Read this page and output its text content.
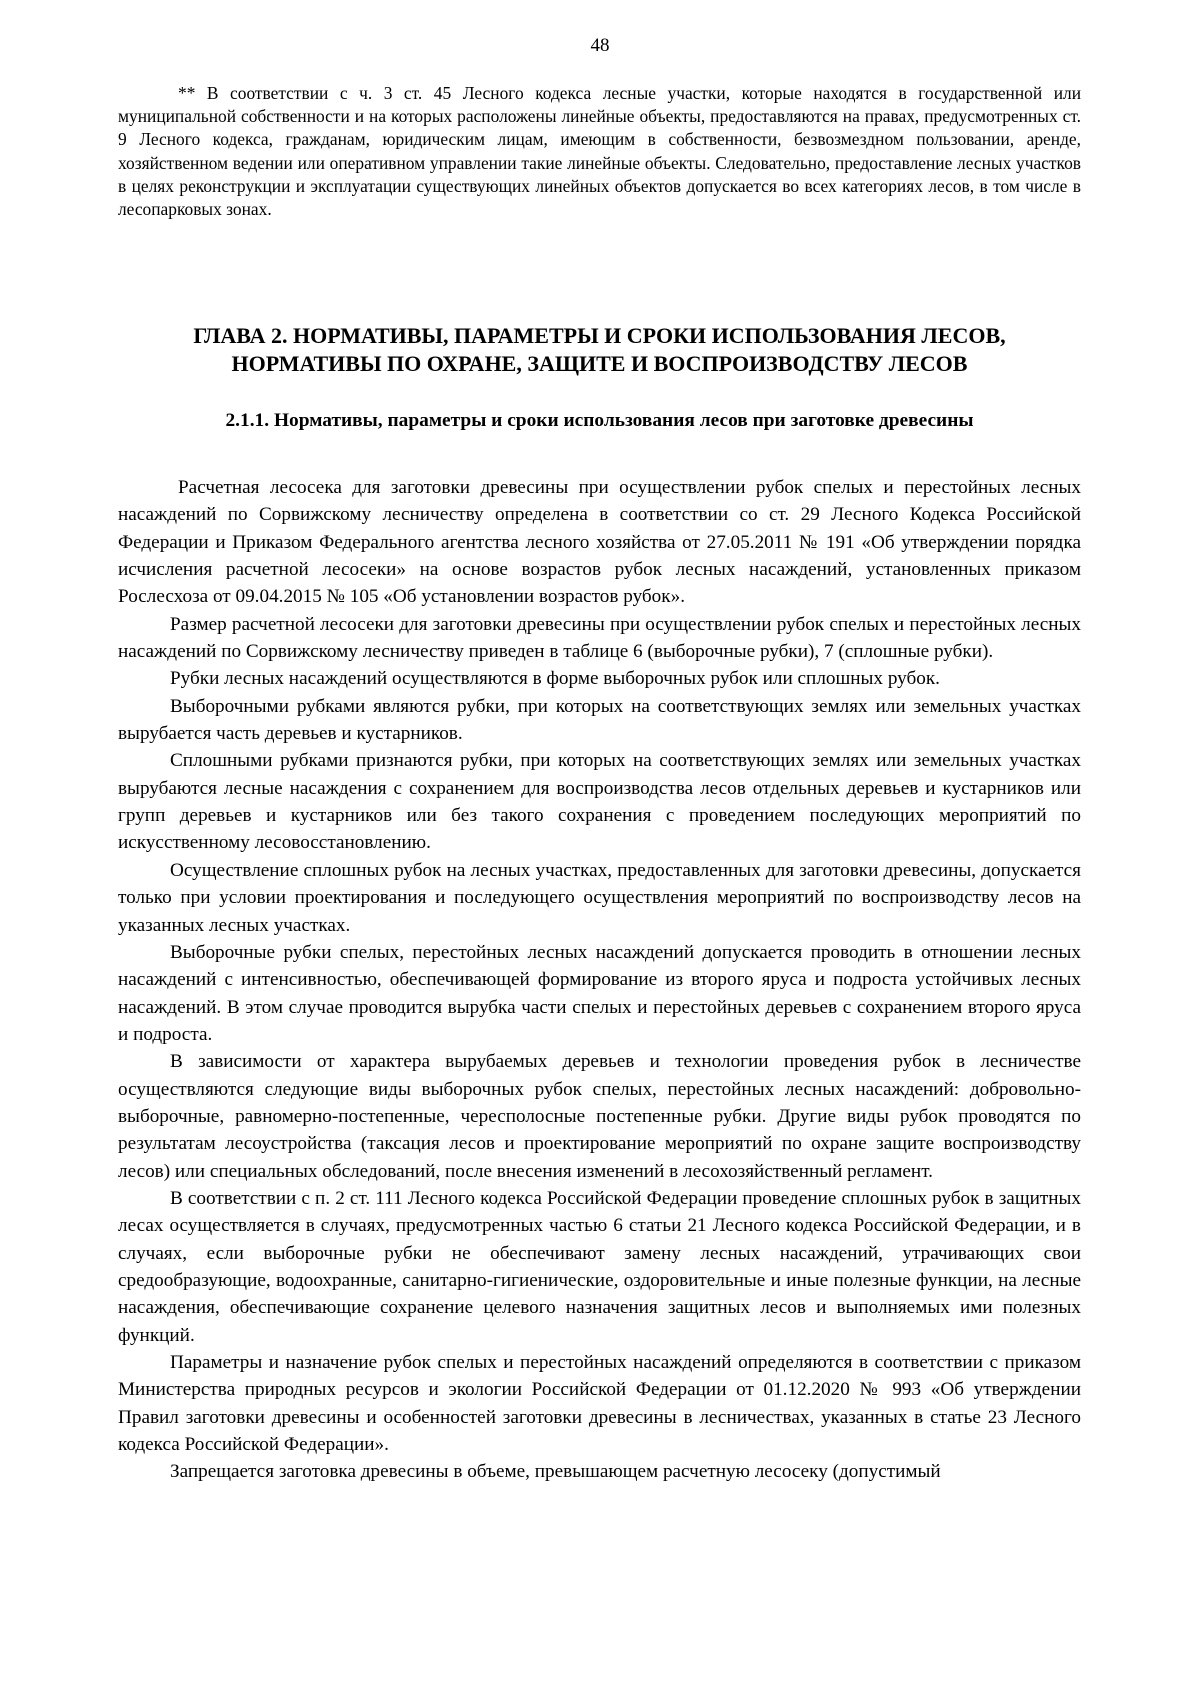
48

** В соответствии с ч. 3 ст. 45 Лесного кодекса лесные участки, которые находятся в государственной или муниципальной собственности и на которых расположены линейные объекты, предоставляются на правах, предусмотренных ст. 9 Лесного кодекса, гражданам, юридическим лицам, имеющим в собственности, безвозмездном пользовании, аренде, хозяйственном ведении или оперативном управлении такие линейные объекты. Следовательно, предоставление лесных участков в целях реконструкции и эксплуатации существующих линейных объектов допускается во всех категориях лесов, в том числе в лесопарковых зонах.

ГЛАВА 2. НОРМАТИВЫ, ПАРАМЕТРЫ И СРОКИ ИСПОЛЬЗОВАНИЯ ЛЕСОВ,
НОРМАТИВЫ ПО ОХРАНЕ, ЗАЩИТЕ И ВОСПРОИЗВОДСТВУ ЛЕСОВ
2.1.1. Нормативы, параметры и сроки использования лесов при заготовке древесины

Расчетная лесосека для заготовки древесины при осуществлении рубок спелых и перестойных лесных насаждений по Сорвижскому лесничеству определена в соответствии со ст. 29 Лесного Кодекса Российской Федерации и Приказом Федерального агентства лесного хозяйства от 27.05.2011 № 191 «Об утверждении порядка исчисления расчетной лесосеки» на основе возрастов рубок лесных насаждений, установленных приказом Рослесхоза от 09.04.2015 № 105 «Об установлении возрастов рубок».

Размер расчетной лесосеки для заготовки древесины при осуществлении рубок спелых и перестойных лесных насаждений по Сорвижскому лесничеству приведен в таблице 6 (выборочные рубки), 7 (сплошные рубки).

Рубки лесных насаждений осуществляются в форме выборочных рубок или сплошных рубок.

Выборочными рубками являются рубки, при которых на соответствующих землях или земельных участках вырубается часть деревьев и кустарников.

Сплошными рубками признаются рубки, при которых на соответствующих землях или земельных участках вырубаются лесные насаждения с сохранением для воспроизводства лесов отдельных деревьев и кустарников или групп деревьев и кустарников или без такого сохранения с проведением последующих мероприятий по искусственному лесовосстановлению.

Осуществление сплошных рубок на лесных участках, предоставленных для заготовки древесины, допускается только при условии проектирования и последующего осуществления мероприятий по воспроизводству лесов на указанных лесных участках.

Выборочные рубки спелых, перестойных лесных насаждений допускается проводить в отношении лесных насаждений с интенсивностью, обеспечивающей формирование из второго яруса и подроста устойчивых лесных насаждений. В этом случае проводится вырубка части спелых и перестойных деревьев с сохранением второго яруса и подроста.

В зависимости от характера вырубаемых деревьев и технологии проведения рубок в лесничестве осуществляются следующие виды выборочных рубок спелых, перестойных лесных насаждений: добровольно-выборочные, равномерно-постепенные, чересполосные постепенные рубки. Другие виды рубок проводятся по результатам лесоустройства (таксация лесов и проектирование мероприятий по охране защите воспроизводству лесов) или специальных обследований, после внесения изменений в лесохозяйственный регламент.

В соответствии с п. 2 ст. 111 Лесного кодекса Российской Федерации проведение сплошных рубок в защитных лесах осуществляется в случаях, предусмотренных частью 6 статьи 21 Лесного кодекса Российской Федерации, и в случаях, если выборочные рубки не обеспечивают замену лесных насаждений, утрачивающих свои средообразующие, водоохранные, санитарно-гигиенические, оздоровительные и иные полезные функции, на лесные насаждения, обеспечивающие сохранение целевого назначения защитных лесов и выполняемых ими полезных функций.

Параметры и назначение рубок спелых и перестойных насаждений определяются в соответствии с приказом Министерства природных ресурсов и экологии Российской Федерации от 01.12.2020 № 993 «Об утверждении Правил заготовки древесины и особенностей заготовки древесины в лесничествах, указанных в статье 23 Лесного кодекса Российской Федерации».

Запрещается заготовка древесины в объеме, превышающем расчетную лесосеку (допустимый
